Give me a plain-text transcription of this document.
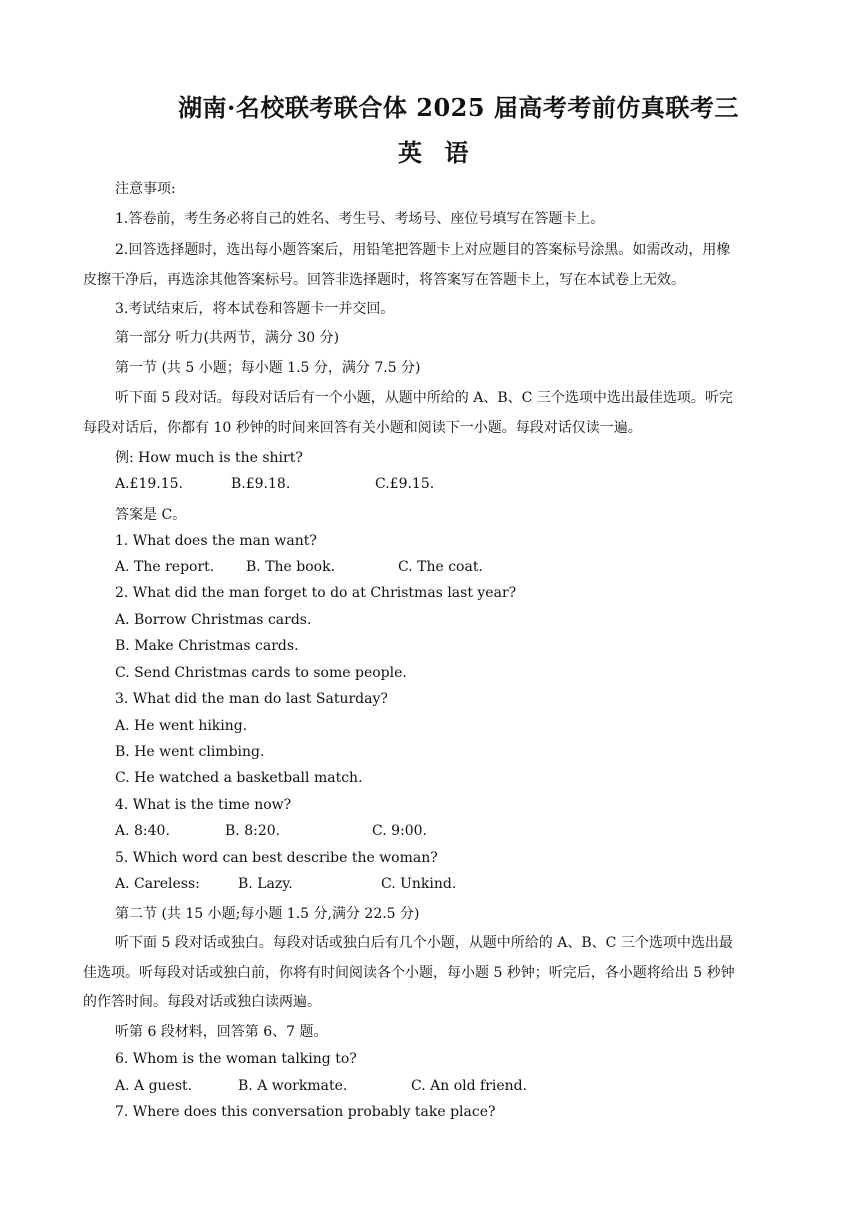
湖南·名校联考联合体 2025 届高考考前仿真联考三
英 语
注意事项:
1.答卷前，考生务必将自己的姓名、考生号、考场号、座位号填写在答题卡上。
2.回答选择题时，选出每小题答案后，用铅笔把答题卡上对应题目的答案标号涂黑。如需改动，用橡
皮擦干净后，再选涂其他答案标号。回答非选择题时，将答案写在答题卡上，写在本试卷上无效。
3.考试结束后，将本试卷和答题卡一并交回。
第一部分 听力(共两节，满分 30 分)
第一节 (共 5 小题；每小题 1.5 分，满分 7.5 分)
听下面 5 段对话。每段对话后有一个小题，从题中所给的 A、B、C 三个选项中选出最佳选项。听完
每段对话后，你都有 10 秒钟的时间来回答有关小题和阅读下一小题。每段对话仅读一遍。
例: How much is the shirt?
A.£19.15.	B.£9.18.	C.£9.15.
答案是 C。
1. What does the man want?
A. The report. B. The book.	C. The coat.
2. What did the man forget to do at Christmas last year?
A. Borrow Christmas cards.
B. Make Christmas cards.
C. Send Christmas cards to some people.
3. What did the man do last Saturday?
A. He went hiking.
B. He went climbing.
C. He watched a basketball match.
4. What is the time now?
A. 8:40.	B. 8:20.	C. 9:00.
5. Which word can best describe the woman?
A. Careless:	B. Lazy.	C. Unkind.
第二节 (共 15 小题;每小题 1.5 分,满分 22.5 分)
听下面 5 段对话或独白。每段对话或独白后有几个小题，从题中所给的 A、B、C 三个选项中选出最
佳选项。听每段对话或独白前，你将有时间阅读各个小题，每小题 5 秒钟；听完后，各小题将给出 5 秒钟
的作答时间。每段对话或独白读两遍。
听第 6 段材料，回答第 6、7 题。
6. Whom is the woman talking to?
A. A guest.	B. A workmate.	C. An old friend.
7. Where does this conversation probably take place?
